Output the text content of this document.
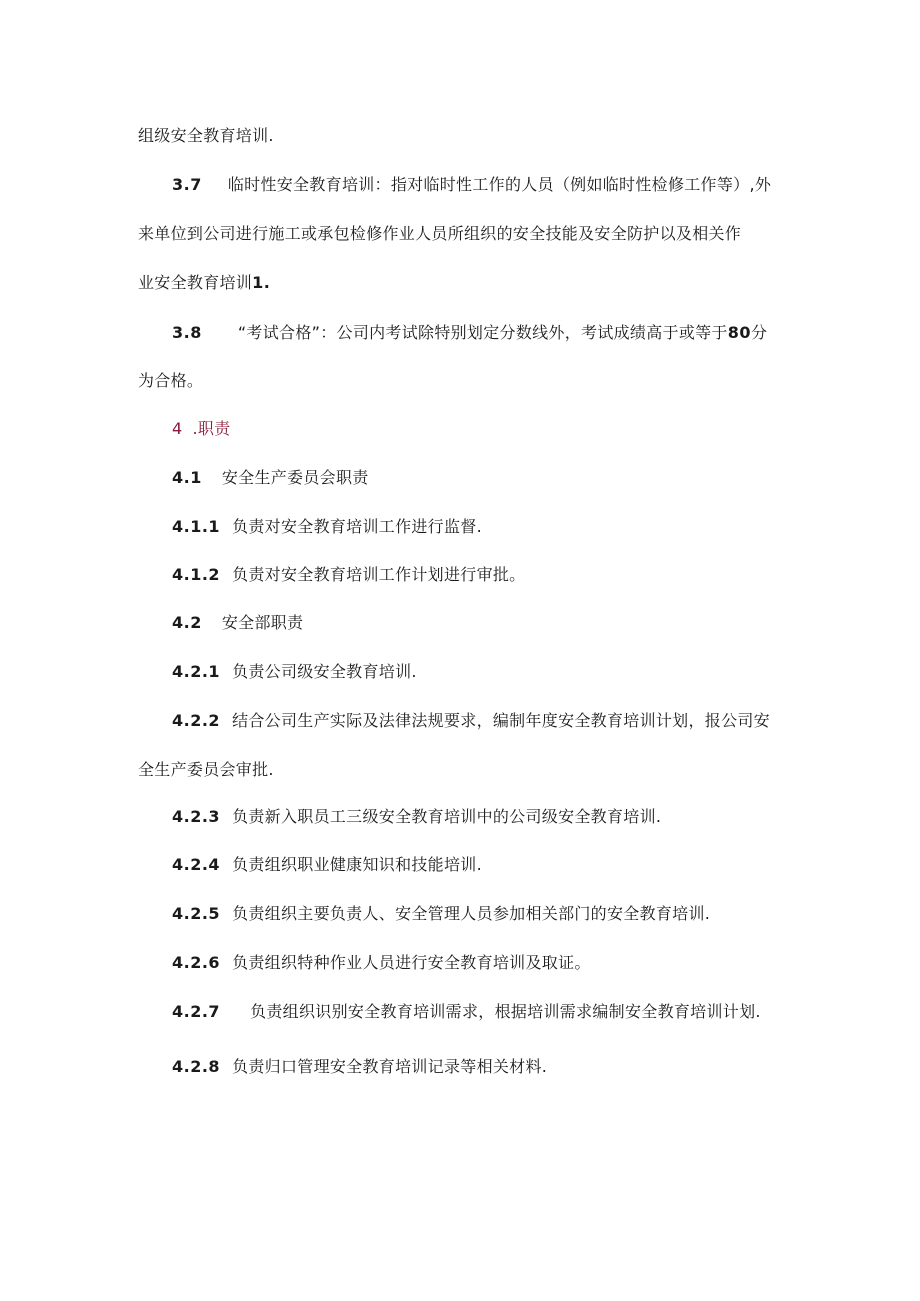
组级安全教育培训.
3.7 临时性安全教育培训：指对临时性工作的人员（例如临时性检修工作等）,外
来单位到公司进行施工或承包检修作业人员所组织的安全技能及安全防护以及相关作
业安全教育培训1.
3.8 “考试合格”：公司内考试除特别划定分数线外，考试成绩高于或等于80分
为合格。
4 .职责
4.1 安全生产委员会职责
4.1.1 负责对安全教育培训工作进行监督.
4.1.2 负责对安全教育培训工作计划进行审批。
4.2 安全部职责
4.2.1 负责公司级安全教育培训.
4.2.2 结合公司生产实际及法律法规要求，编制年度安全教育培训计划，报公司安
全生产委员会审批.
4.2.3 负责新入职员工三级安全教育培训中的公司级安全教育培训.
4.2.4 负责组织职业健康知识和技能培训.
4.2.5 负责组织主要负责人、安全管理人员参加相关部门的安全教育培训.
4.2.6 负责组织特种作业人员进行安全教育培训及取证。
4.2.7 负责组织识别安全教育培训需求，根据培训需求编制安全教育培训计划.
4.2.8 负责归口管理安全教育培训记录等相关材料.
